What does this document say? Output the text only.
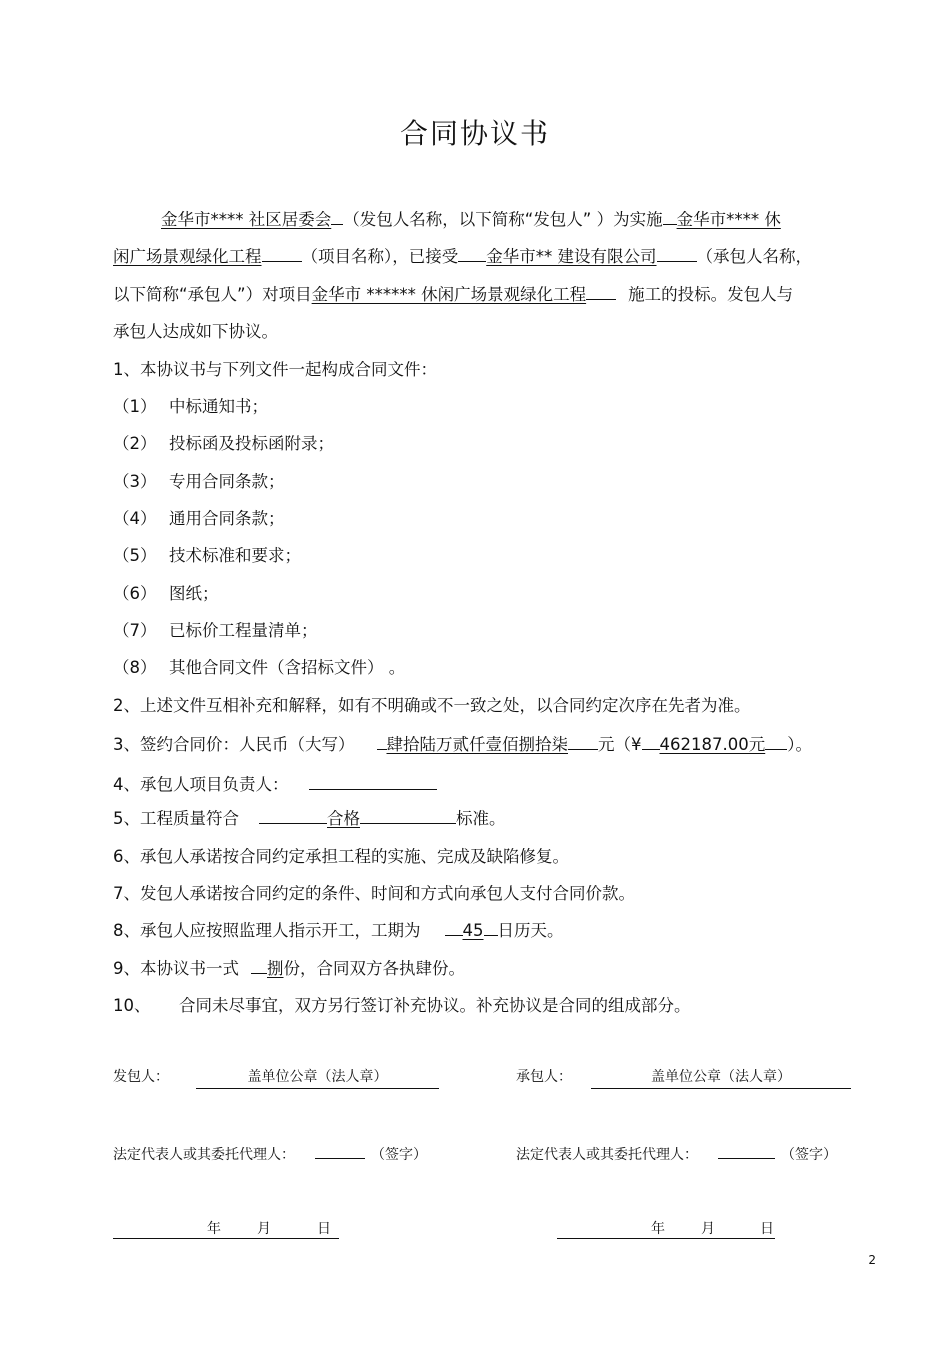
合同协议书
金华市**** 社区居委会 （发包人名称，以下简称“发包人” ）为实施 金华市**** 休
闲广场景观绿化工程 （项目名称），已接受 金华市** 建设有限公司 （承包人名称，
以下简称“承包人”）对项目金华市 ****** 休闲广场景观绿化工程	施工的投标。发包人与
承包人达成如下协议。
1、本协议书与下列文件一起构成合同文件：
（1） 中标通知书；
（2） 投标函及投标函附录；
（3） 专用合同条款；
（4） 通用合同条款；
（5） 技术标准和要求；
（6） 图纸；
（7） 已标价工程量清单；
（8） 其他合同文件（含招标文件） 。
2、上述文件互相补充和解释，如有不明确或不一致之处，以合同约定次序在先者为准。
3、签约合同价：人民币（大写） 肆拾陆万贰仟壹佰捌拾柒 元（¥ 462187.00元 ）。
4、承包人项目负责人：
5、工程质量符合	合格	标准。
6、承包人承诺按合同约定承担工程的实施、完成及缺陷修复。
7、发包人承诺按合同约定的条件、时间和方式向承包人支付合同价款。
8、承包人应按照监理人指示开工，工期为	45 日历天。
9、本协议书一式 捌份，合同双方各执肆份。
10、 合同未尽事宜，双方另行签订补充协议。补充协议是合同的组成部分。
发包人：	盖单位公章（法人章）	承包人：	盖单位公章（法人章）
法定代表人或其委托代理人：	（签字）	法定代表人或其委托代理人：	（签字）
年	月	日	年	月	日
2
